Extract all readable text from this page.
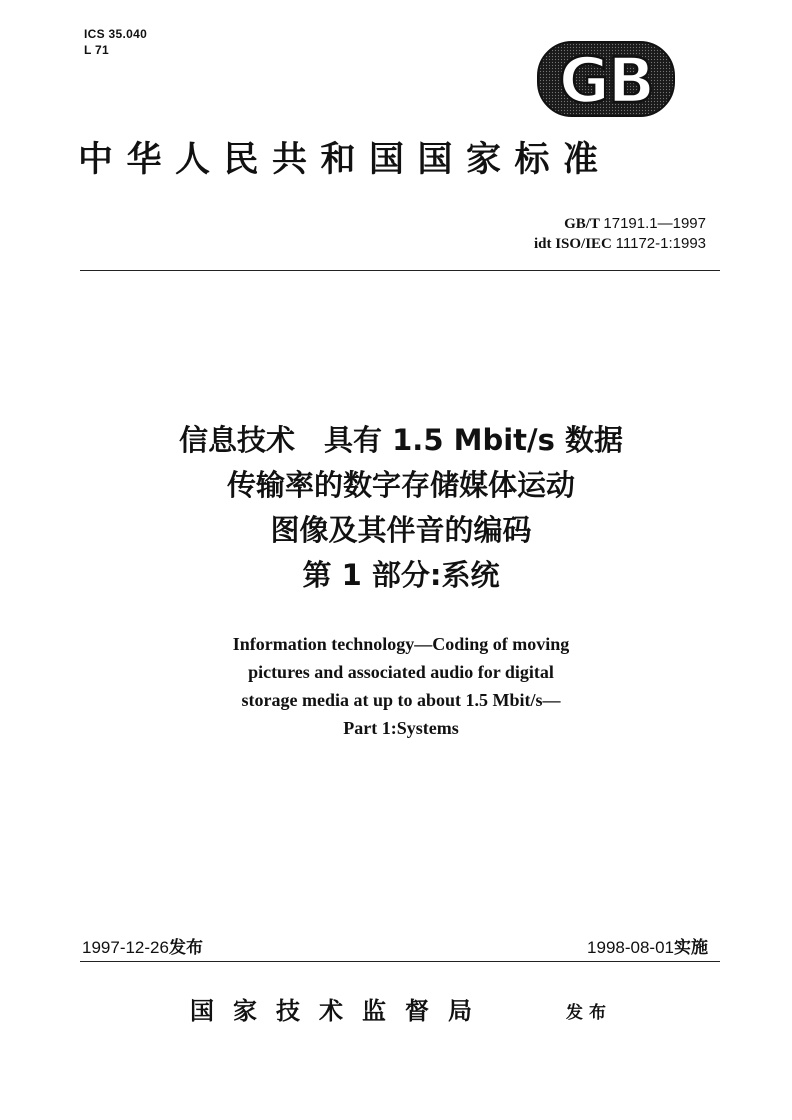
ICS 35.040
L 71	GB
中华人民共和国国家标准
GB/T 17191.1—1997
idt ISO/IEC 11172-1:1993
信息技术　具有 1.5 Mbit/s 数据
传输率的数字存储媒体运动
图像及其伴音的编码
第 1 部分:系统
Information technology—Coding of moving
pictures and associated audio for digital
storage media at up to about 1.5 Mbit/s—
Part 1:Systems
1997-12-26发布	1998-08-01实施
国家技术监督局	发布
